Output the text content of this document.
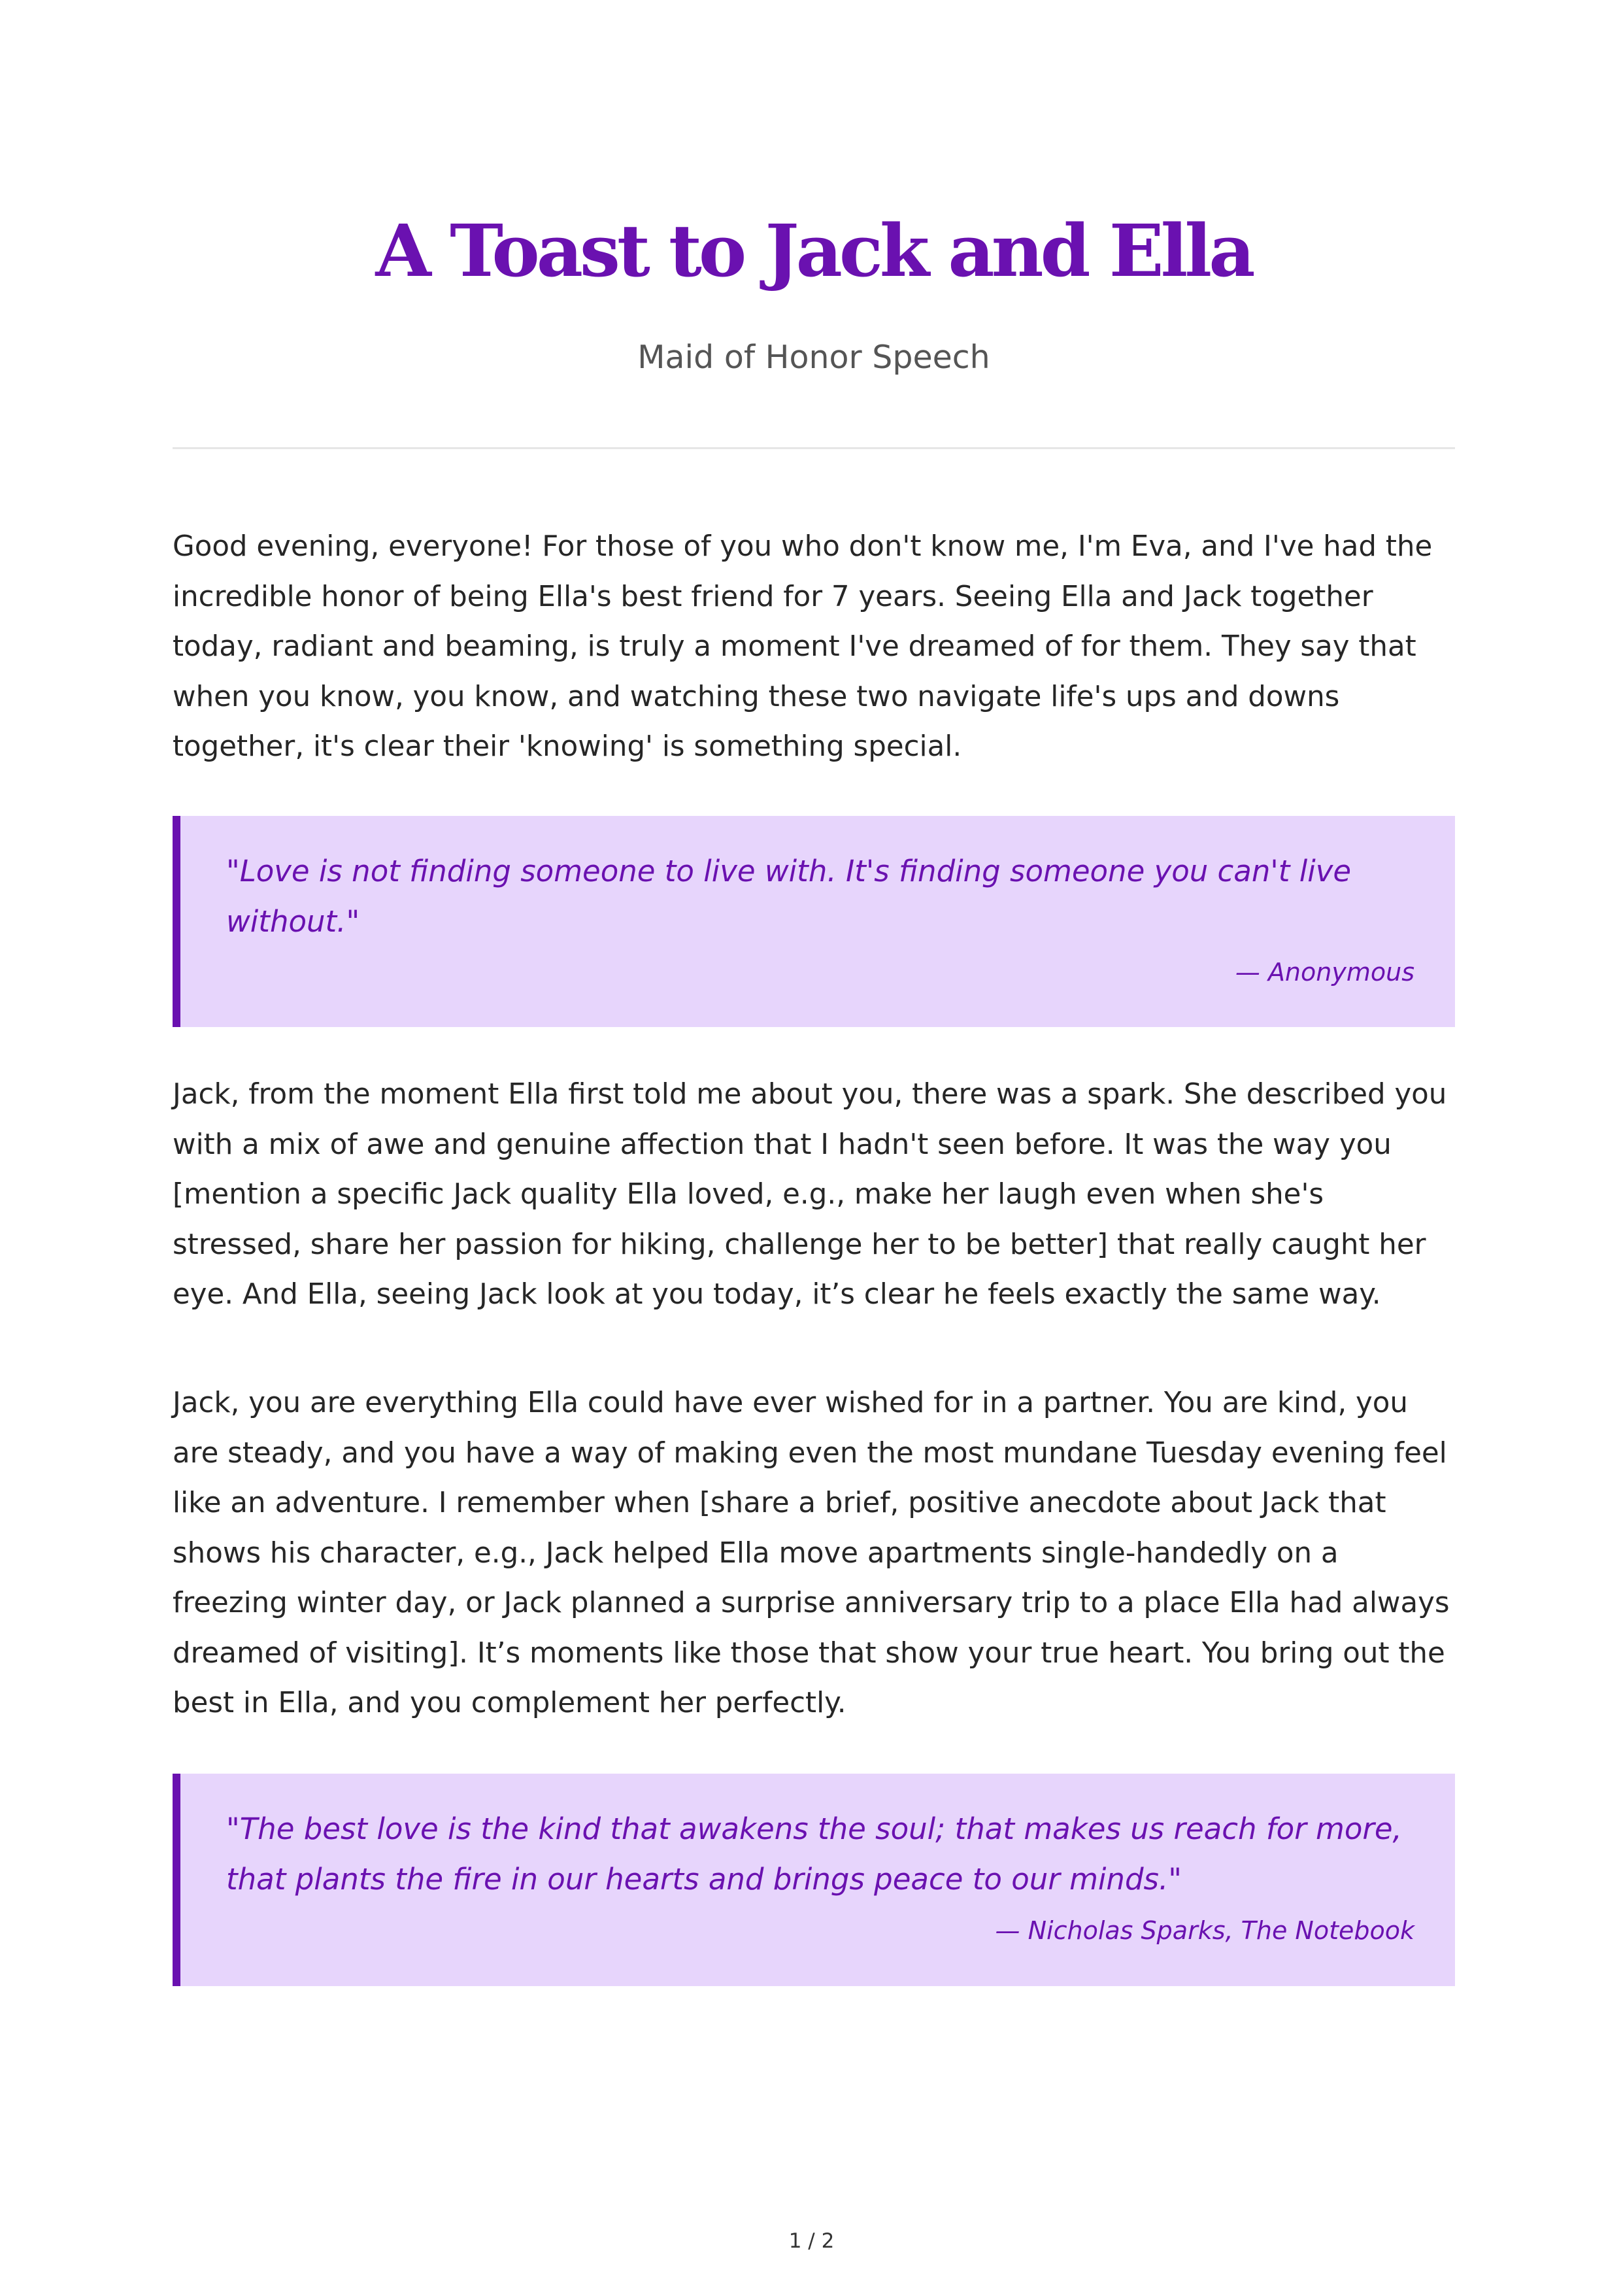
A Toast to Jack and Ella

Maid of Honor Speech

Good evening, everyone! For those of you who don't know me, I'm Eva, and I've had the incredible honor of being Ella's best friend for 7 years. Seeing Ella and Jack together today, radiant and beaming, is truly a moment I've dreamed of for them. They say that when you know, you know, and watching these two navigate life's ups and downs together, it's clear their 'knowing' is something special.

"Love is not finding someone to live with. It's finding someone you can't live without."

— Anonymous

Jack, from the moment Ella first told me about you, there was a spark. She described you with a mix of awe and genuine affection that I hadn't seen before. It was the way you [mention a specific Jack quality Ella loved, e.g., make her laugh even when she's stressed, share her passion for hiking, challenge her to be better] that really caught her eye. And Ella, seeing Jack look at you today, it’s clear he feels exactly the same way.

Jack, you are everything Ella could have ever wished for in a partner. You are kind, you are steady, and you have a way of making even the most mundane Tuesday evening feel like an adventure. I remember when [share a brief, positive anecdote about Jack that shows his character, e.g., Jack helped Ella move apartments single-handedly on a freezing winter day, or Jack planned a surprise anniversary trip to a place Ella had always dreamed of visiting]. It’s moments like those that show your true heart. You bring out the best in Ella, and you complement her perfectly.

"The best love is the kind that awakens the soul; that makes us reach for more, that plants the fire in our hearts and brings peace to our minds."

— Nicholas Sparks, The Notebook

1 / 2
